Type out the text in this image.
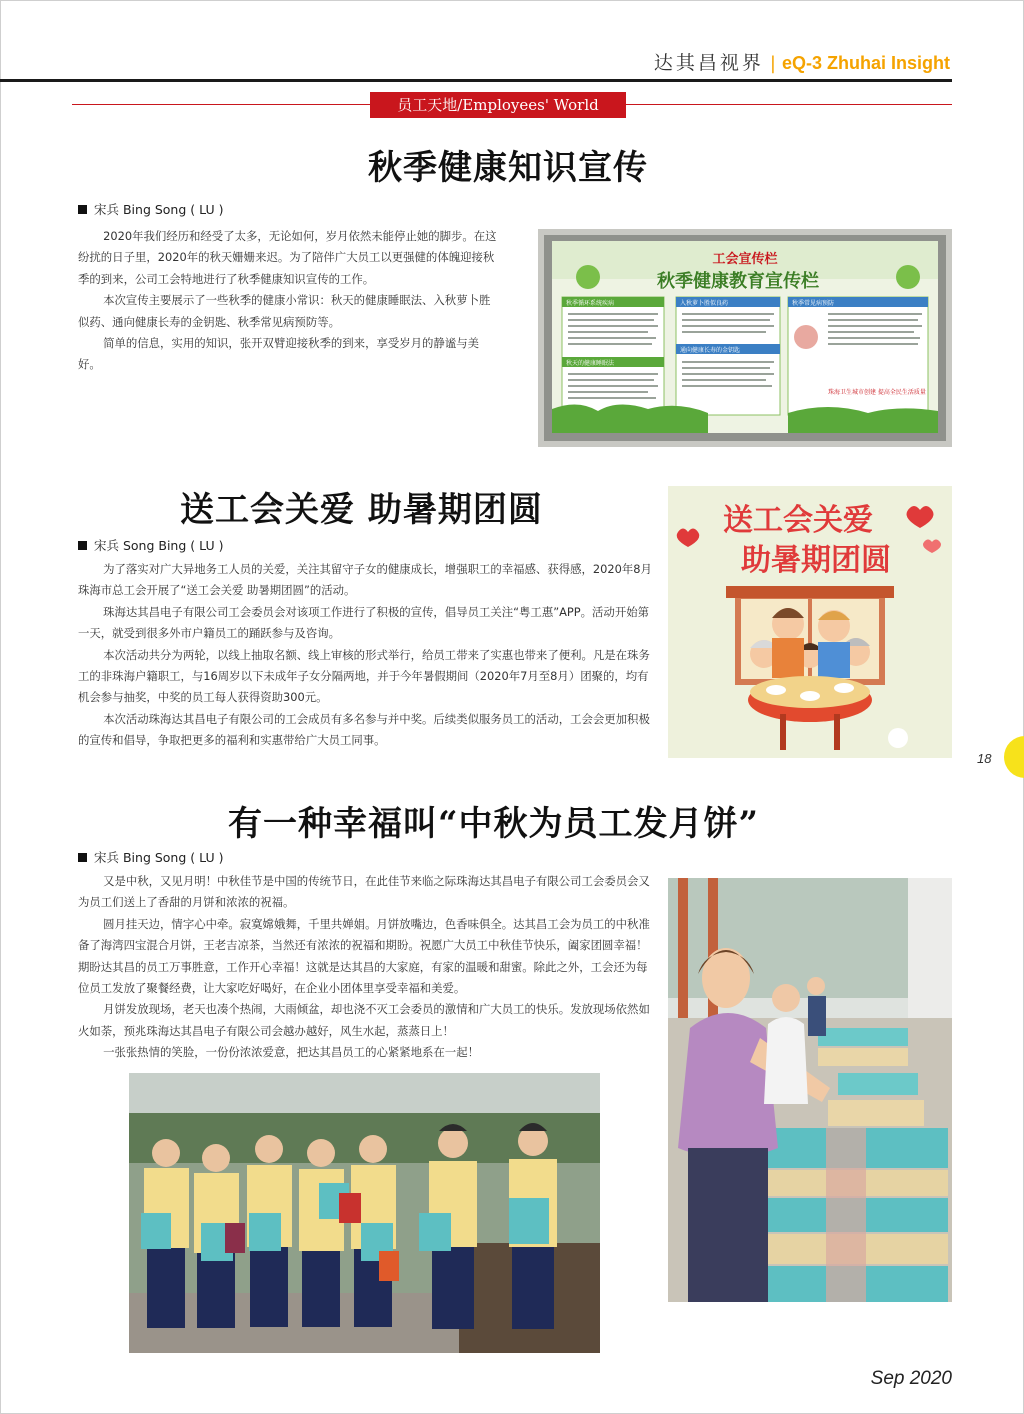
达其昌视界 | eQ-3 Zhuhai Insight
员工天地/Employees' World
秋季健康知识宣传
宋兵 Bing Song ( LU )

2020年我们经历和经受了太多，无论如何，岁月依然未能停止她的脚步。在这纷扰的日子里，2020年的秋天姗姗来迟。为了陪伴广大员工以更强健的体魄迎接秋季的到来，公司工会特地进行了秋季健康知识宣传的工作。

本次宣传主要展示了一些秋季的健康小常识：秋天的健康睡眠法、入秋萝卜胜似药、通向健康长寿的金钥匙、秋季常见病预防等。

简单的信息，实用的知识，张开双臂迎接秋季的到来，享受岁月的静谧与美好。

工会宣传栏
秋季健康教育宣传栏
秋季循环系统疾病
秋天的健康睡眠法
入秋萝卜胜似良药
通向健康长寿的金钥匙
秋季常见病预防
珠海卫生城市创建 提高全民生活质量
送工会关爱 助暑期团圆
宋兵 Song Bing ( LU )

为了落实对广大异地务工人员的关爱，关注其留守子女的健康成长，增强职工的幸福感、获得感，2020年8月珠海市总工会开展了“送工会关爱 助暑期团圆”的活动。

珠海达其昌电子有限公司工会委员会对该项工作进行了积极的宣传，倡导员工关注“粤工惠”APP。活动开始第一天，就受到很多外市户籍员工的踊跃参与及咨询。

本次活动共分为两轮，以线上抽取名额、线上审核的形式举行，给员工带来了实惠也带来了便利。凡是在珠务工的非珠海户籍职工，与16周岁以下未成年子女分隔两地，并于今年暑假期间（2020年7月至8月）团聚的，均有机会参与抽奖，中奖的员工每人获得资助300元。

本次活动珠海达其昌电子有限公司的工会成员有多名参与并中奖。后续类似服务员工的活动，工会会更加积极的宣传和倡导，争取把更多的福利和实惠带给广大员工同事。

送工会关爱
助暑期团圆
18
有一种幸福叫“中秋为员工发月饼”
宋兵 Bing Song ( LU )

又是中秋，又见月明！中秋佳节是中国的传统节日，在此佳节来临之际珠海达其昌电子有限公司工会委员会又为员工们送上了香甜的月饼和浓浓的祝福。

圆月挂天边，情字心中牵。寂寞嫦娥舞，千里共婵娟。月饼放嘴边，色香味俱全。达其昌工会为员工的中秋准备了海湾四宝混合月饼，王老吉凉茶，当然还有浓浓的祝福和期盼。祝愿广大员工中秋佳节快乐，阖家团圆幸福！期盼达其昌的员工万事胜意，工作开心幸福！这就是达其昌的大家庭，有家的温暖和甜蜜。除此之外，工会还为每位员工发放了聚餐经费，让大家吃好喝好，在企业小团体里享受幸福和美爱。

月饼发放现场，老天也凑个热闹，大雨倾盆，却也浇不灭工会委员的激情和广大员工的快乐。发放现场依然如火如荼，预兆珠海达其昌电子有限公司会越办越好，风生水起，蒸蒸日上！

一张张热情的笑脸，一份份浓浓爱意，把达其昌员工的心紧紧地系在一起！

Sep 2020
